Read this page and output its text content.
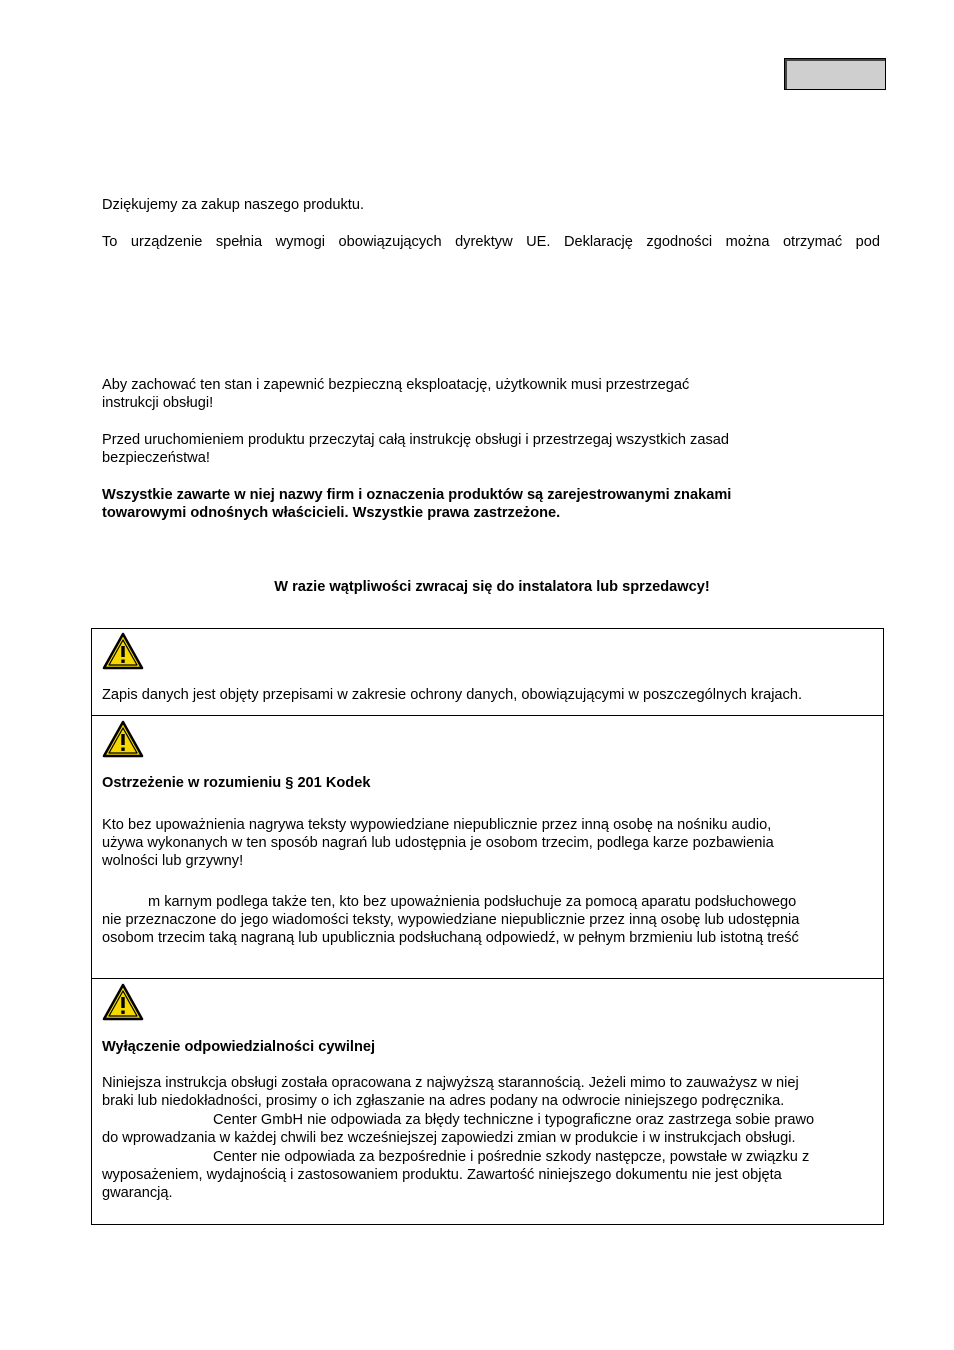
Dziękujemy za zakup naszego produktu.
To urządzenie spełnia wymogi obowiązujących dyrektyw UE. Deklarację zgodności można otrzymać pod
Aby zachować ten stan i zapewnić bezpieczną eksploatację, użytkownik musi przestrzegać
instrukcji obsługi!
Przed uruchomieniem produktu przeczytaj całą instrukcję obsługi i przestrzegaj wszystkich zasad
bezpieczeństwa!
Wszystkie zawarte w niej nazwy firm i oznaczenia produktów są zarejestrowanymi znakami
towarowymi odnośnych właścicieli. Wszystkie prawa zastrzeżone.
W razie wątpliwości zwracaj się do instalatora lub sprzedawcy!
Zapis danych jest objęty przepisami w zakresie ochrony danych, obowiązującymi w poszczególnych krajach.
Ostrzeżenie w rozumieniu § 201 Kodek
Kto bez upoważnienia nagrywa teksty wypowiedziane niepublicznie przez inną osobę na nośniku audio,
używa wykonanych w ten sposób nagrań lub udostępnia je osobom trzecim, podlega karze pozbawienia
wolności lub grzywny!
m karnym podlega także ten, kto bez upoważnienia podsłuchuje za pomocą aparatu podsłuchowego
nie przeznaczone do jego wiadomości teksty, wypowiedziane niepublicznie przez inną osobę lub udostępnia
osobom trzecim taką nagraną lub upubliczniа podsłuchaną odpowiedź, w pełnym brzmieniu lub istotną treść
Wyłączenie odpowiedzialności cywilnej
Niniejsza instrukcja obsługi została opracowana z najwyższą starannością. Jeżeli mimo to zauważysz w niej
braki lub niedokładności, prosimy o ich zgłaszanie na adres podany na odwrocie niniejszego podręcznika.
Center GmbH nie odpowiada za błędy techniczne i typograficzne oraz zastrzega sobie prawo
do wprowadzania w każdej chwili bez wcześniejszej zapowiedzi zmian w produkcie i w instrukcjach obsługi.
Center nie odpowiada za bezpośrednie i pośrednie szkody następcze, powstałe w związku z
wyposażeniem, wydajnością i zastosowaniem produktu. Zawartość niniejszego dokumentu nie jest objęta
gwarancją.
